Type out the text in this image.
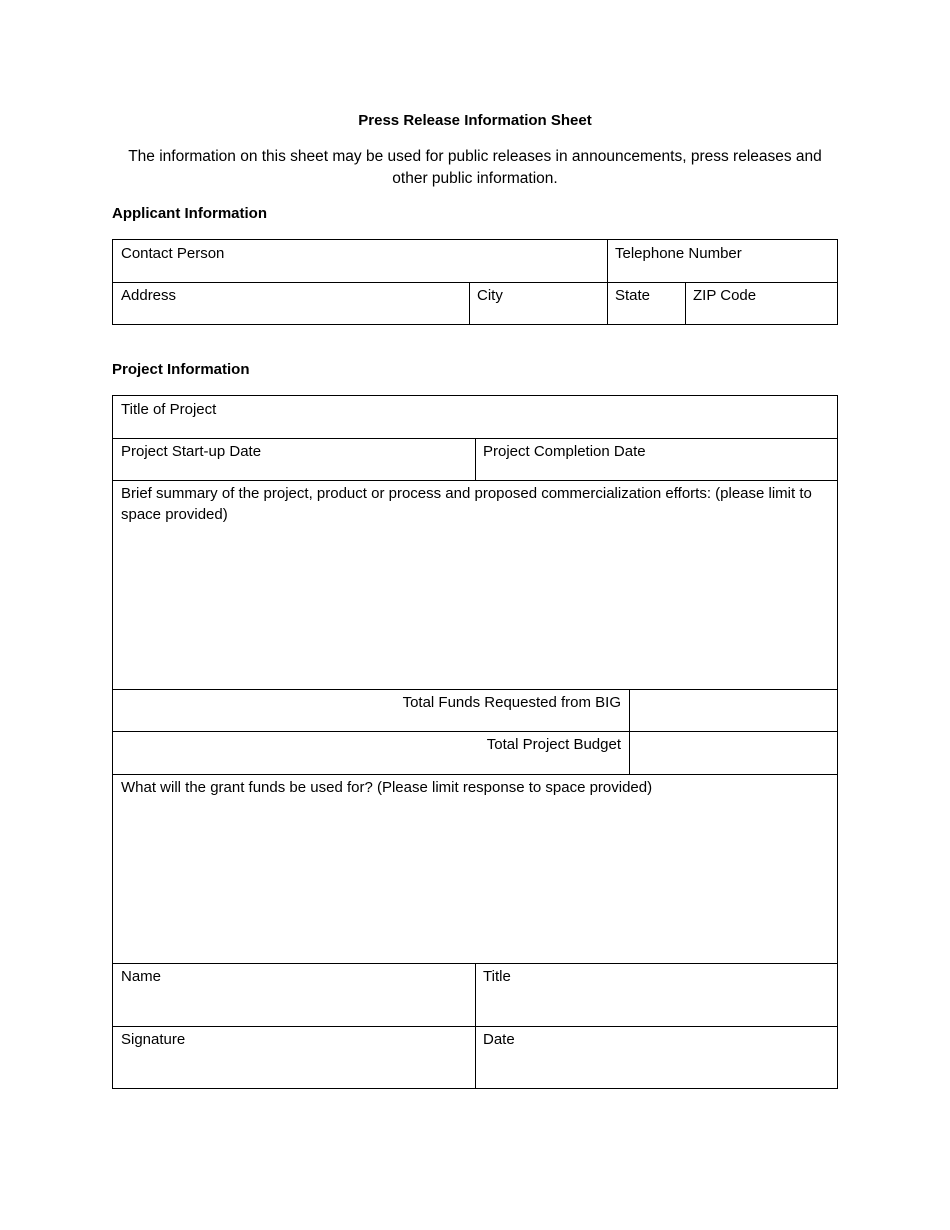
Press Release Information Sheet
The information on this sheet may be used for public releases in announcements, press releases and other public information.
Applicant Information
Contact Person	Telephone Number
Address	City	State	ZIP Code
Project Information
Title of Project
Project Start-up Date	Project Completion Date
Brief summary of the project, product or process and proposed commercialization efforts: (please limit to space provided)
Total Funds Requested from BIG
Total Project Budget
What will the grant funds be used for? (Please limit response to space provided)
Name	Title
Signature	Date
